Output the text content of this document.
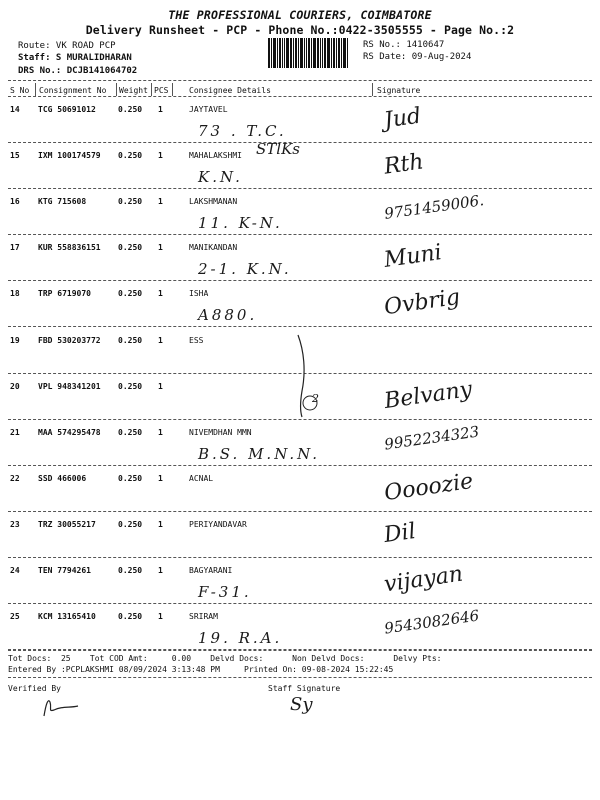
THE PROFESSIONAL COURIERS, COIMBATORE
Delivery Runsheet - PCP - Phone No.:0422-3505555 - Page No.:2
Route: VK ROAD PCP
Staff: S MURALIDHARAN
DRS No.: DCJB141064702
RS No.: 1410647
RS Date: 09-Aug-2024
S No Consignment No Weight PCS	Consignee Details	Signature
14 TCG 50691012	0.250 1	JAYTAVEL
73 . T.C.	Jud
15 IXM 100174579 0.250 1	MAHALAKSHMI
K.N.
STlKs
Rth
16 KTG 715608	0.250 1	LAKSHMANAN
11. K-N.
9751459006.
17 KUR 558836151 0.250 1	MANIKANDAN
2-1. K.N.	Muni
18 TRP 6719070	0.250 1	ISHA
A880.	Ovbrig
19 FBD 530203772 0.250 1	ESS
20 VPL 948341201 0.250 1
2	Belvany
21 MAA 574295478 0.250 1	NIVEMDHAN MMN
B.S. M.N.N.
9952234323
22 SSD 466006	0.250 1	ACNAL	Oooozie
23 TRZ 30055217	0.250 1	PERIYANDAVAR	Dil
24 TEN 7794261	0.250 1	BAGYARANI
F-31.	vijayan
25 KCM 13165410	0.250 1	SRIRAM
19. R.A.
9543082646
Tot Docs:  25    Tot COD Amt:     0.00    Delvd Docs:      Non Delvd Docs:      Delvy Pts:
Entered By :PCPLAKSHMI 08/09/2024 3:13:48 PM     Printed On: 09-08-2024 15:22:45
Verified By	Staff Signature
Sy
